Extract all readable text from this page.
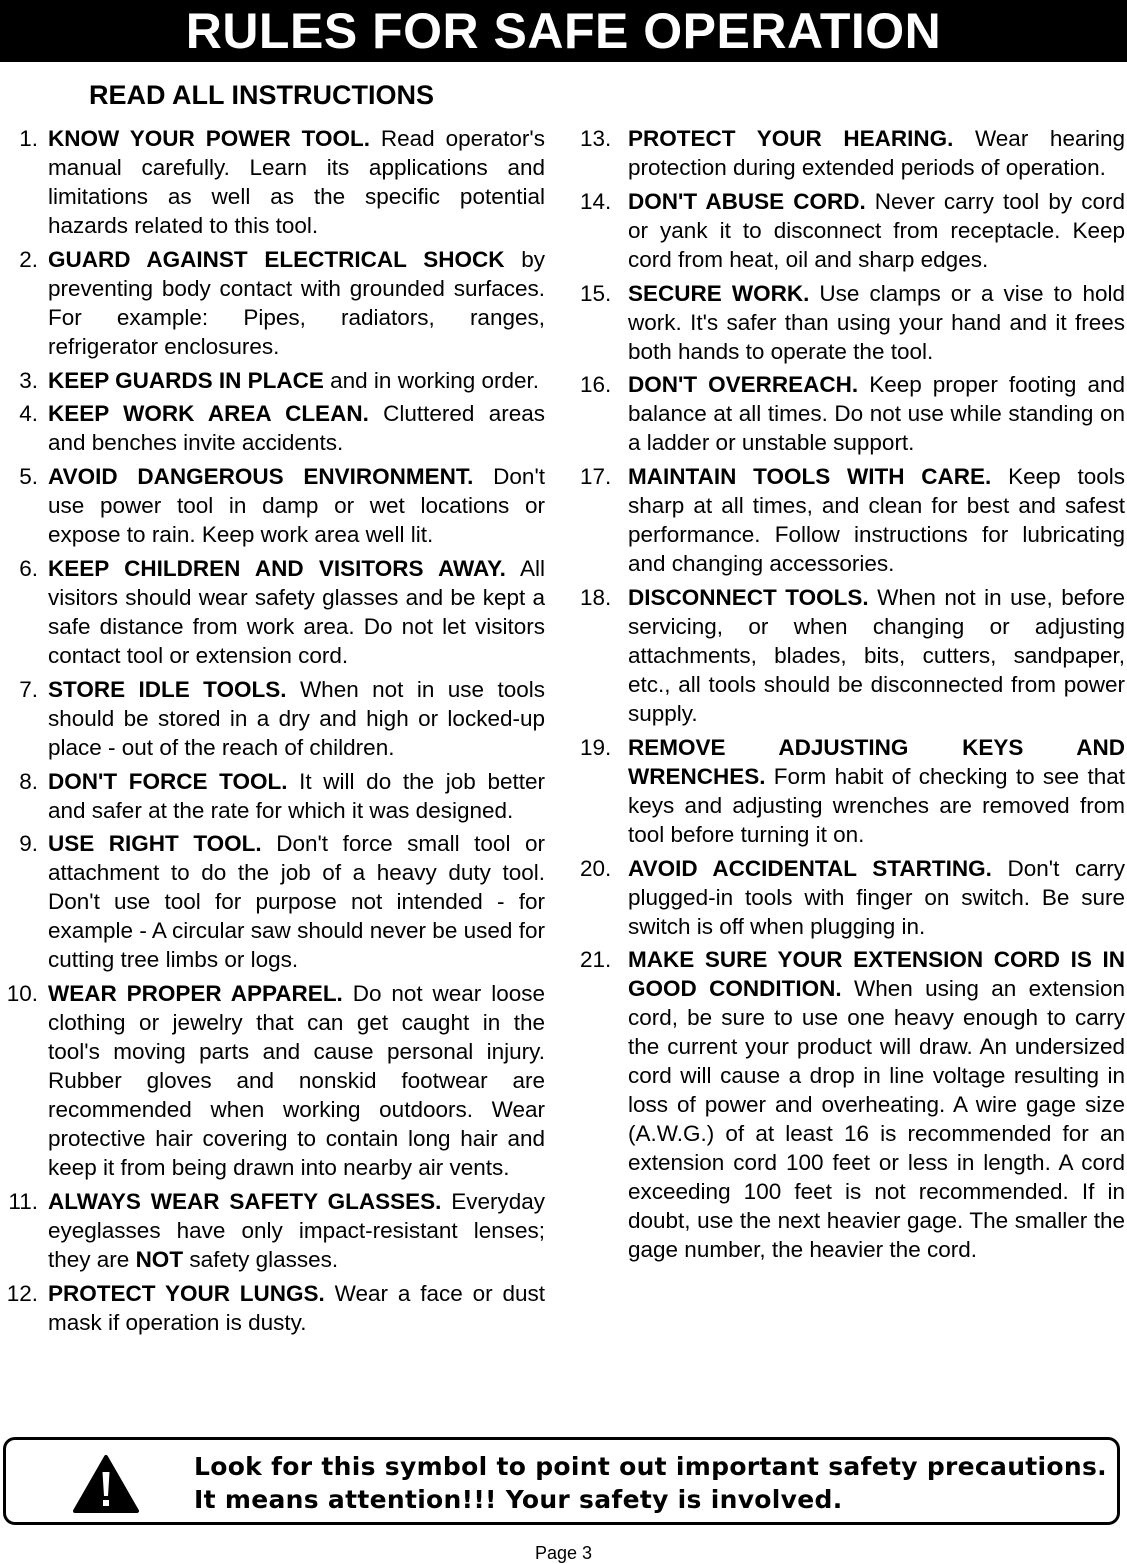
RULES FOR SAFE OPERATION
READ ALL INSTRUCTIONS
1. KNOW YOUR POWER TOOL. Read operator's manual carefully. Learn its applications and limitations as well as the specific potential hazards related to this tool.
2. GUARD AGAINST ELECTRICAL SHOCK by preventing body contact with grounded surfaces. For example: Pipes, radiators, ranges, refrigerator enclosures.
3. KEEP GUARDS IN PLACE and in working order.
4. KEEP WORK AREA CLEAN. Cluttered areas and benches invite accidents.
5. AVOID DANGEROUS ENVIRONMENT. Don't use power tool in damp or wet locations or expose to rain. Keep work area well lit.
6. KEEP CHILDREN AND VISITORS AWAY. All visitors should wear safety glasses and be kept a safe distance from work area. Do not let visitors contact tool or extension cord.
7. STORE IDLE TOOLS. When not in use tools should be stored in a dry and high or locked-up place - out of the reach of children.
8. DON'T FORCE TOOL. It will do the job better and safer at the rate for which it was designed.
9. USE RIGHT TOOL. Don't force small tool or attachment to do the job of a heavy duty tool. Don't use tool for purpose not intended - for example - A circular saw should never be used for cutting tree limbs or logs.
10. WEAR PROPER APPAREL. Do not wear loose clothing or jewelry that can get caught in the tool's moving parts and cause personal injury. Rubber gloves and nonskid footwear are recommended when working outdoors. Wear protective hair covering to contain long hair and keep it from being drawn into nearby air vents.
11. ALWAYS WEAR SAFETY GLASSES. Everyday eyeglasses have only impact-resistant lenses; they are NOT safety glasses.
12. PROTECT YOUR LUNGS. Wear a face or dust mask if operation is dusty.
13. PROTECT YOUR HEARING. Wear hearing protection during extended periods of operation.
14. DON'T ABUSE CORD. Never carry tool by cord or yank it to disconnect from receptacle. Keep cord from heat, oil and sharp edges.
15. SECURE WORK. Use clamps or a vise to hold work. It's safer than using your hand and it frees both hands to operate the tool.
16. DON'T OVERREACH. Keep proper footing and balance at all times. Do not use while standing on a ladder or unstable support.
17. MAINTAIN TOOLS WITH CARE. Keep tools sharp at all times, and clean for best and safest performance. Follow instructions for lubricating and changing accessories.
18. DISCONNECT TOOLS. When not in use, before servicing, or when changing or adjusting attachments, blades, bits, cutters, sandpaper, etc., all tools should be disconnected from power supply.
19. REMOVE ADJUSTING KEYS AND WRENCHES. Form habit of checking to see that keys and adjusting wrenches are removed from tool before turning it on.
20. AVOID ACCIDENTAL STARTING. Don't carry plugged-in tools with finger on switch. Be sure switch is off when plugging in.
21. MAKE SURE YOUR EXTENSION CORD IS IN GOOD CONDITION. When using an extension cord, be sure to use one heavy enough to carry the current your product will draw. An undersized cord will cause a drop in line voltage resulting in loss of power and overheating. A wire gage size (A.W.G.) of at least 16 is recommended for an extension cord 100 feet or less in length. A cord exceeding 100 feet is not recommended. If in doubt, use the next heavier gage. The smaller the gage number, the heavier the cord.
Look for this symbol to point out important safety precautions.
It means attention!!! Your safety is involved.
Page 3
